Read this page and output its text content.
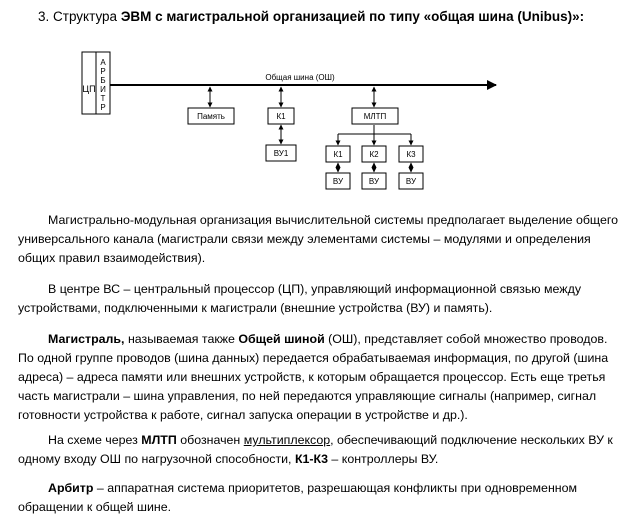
3. Структура ЭВМ с магистральной организацией по типу «общая шина (Unibus)»:
ЦП
А
Р
Б
И
Т
Р
Общая шина (ОШ)
Память	К1
ВУ1
МЛТП
К1	К2	К3
ВУ	ВУ	ВУ

Магистрально-модульная организация вычислительной системы предполагает выделение общего универсального канала (магистрали связи между элементами системы – модулями и определения общих правил взаимодействия).

В центре ВС – центральный процессор (ЦП), управляющий информационной связью между устройствами, подключенными к магистрали (внешние устройства (ВУ) и память).

Магистраль, называемая также Общей шиной (ОШ), представляет собой множество проводов. По одной группе проводов (шина данных) передается обрабатываемая информация, по другой (шина адреса) – адреса памяти или внешних устройств, к которым обращается процессор. Есть еще третья часть магистрали – шина управления, по ней передаются управляющие сигналы (например, сигнал готовности устройства к работе, сигнал запуска операции в устройстве и др.).

На схеме через МЛТП обозначен мультиплексор, обеспечивающий подключение нескольких ВУ к одному входу ОШ по нагрузочной способности, К1-К3 – контроллеры ВУ.

Арбитр – аппаратная система приоритетов, разрешающая конфликты при одновременном обращении к общей шине.
